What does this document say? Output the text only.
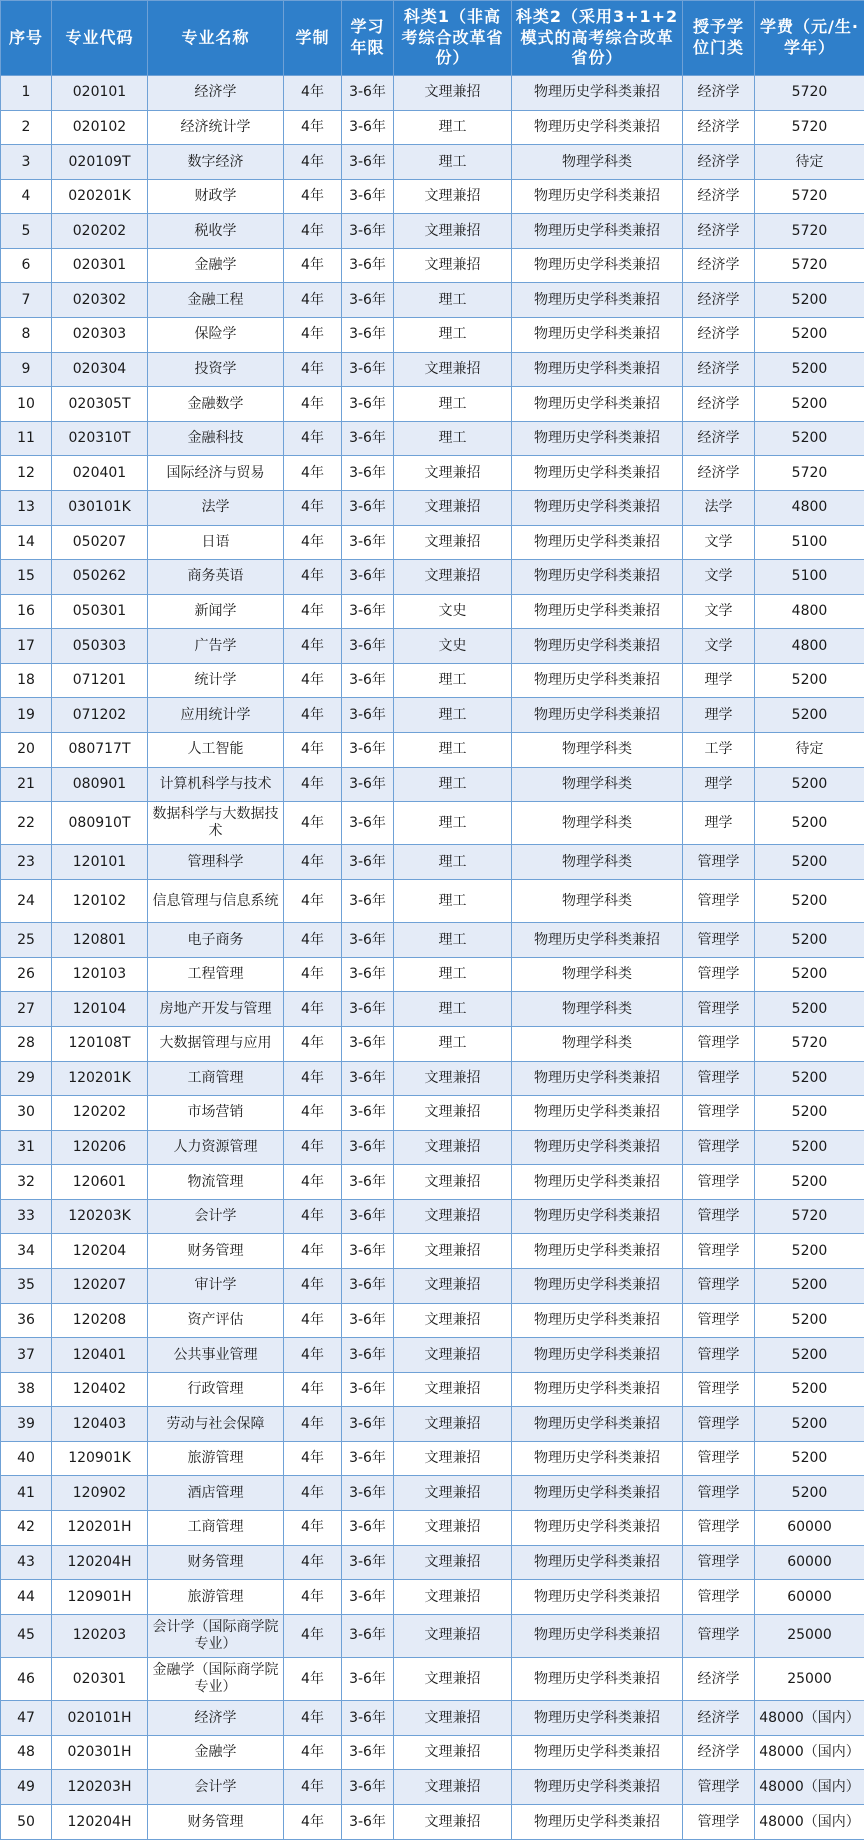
序号	专业代码	专业名称	学制	学习年限	科类1（非高考综合改革省份）	科类2（采用3+1+2模式的高考综合改革省份）	授予学位门类	学费（元/生·学年）
1	020101	经济学	4年	3-6年	文理兼招	物理历史学科类兼招	经济学	5720
2	020102	经济统计学	4年	3-6年	理工	物理历史学科类兼招	经济学	5720
3	020109T	数字经济	4年	3-6年	理工	物理学科类	经济学	待定
4	020201K	财政学	4年	3-6年	文理兼招	物理历史学科类兼招	经济学	5720
5	020202	税收学	4年	3-6年	文理兼招	物理历史学科类兼招	经济学	5720
6	020301	金融学	4年	3-6年	文理兼招	物理历史学科类兼招	经济学	5720
7	020302	金融工程	4年	3-6年	理工	物理历史学科类兼招	经济学	5200
8	020303	保险学	4年	3-6年	理工	物理历史学科类兼招	经济学	5200
9	020304	投资学	4年	3-6年	文理兼招	物理历史学科类兼招	经济学	5200
10	020305T	金融数学	4年	3-6年	理工	物理历史学科类兼招	经济学	5200
11	020310T	金融科技	4年	3-6年	理工	物理历史学科类兼招	经济学	5200
12	020401	国际经济与贸易	4年	3-6年	文理兼招	物理历史学科类兼招	经济学	5720
13	030101K	法学	4年	3-6年	文理兼招	物理历史学科类兼招	法学	4800
14	050207	日语	4年	3-6年	文理兼招	物理历史学科类兼招	文学	5100
15	050262	商务英语	4年	3-6年	文理兼招	物理历史学科类兼招	文学	5100
16	050301	新闻学	4年	3-6年	文史	物理历史学科类兼招	文学	4800
17	050303	广告学	4年	3-6年	文史	物理历史学科类兼招	文学	4800
18	071201	统计学	4年	3-6年	理工	物理历史学科类兼招	理学	5200
19	071202	应用统计学	4年	3-6年	理工	物理历史学科类兼招	理学	5200
20	080717T	人工智能	4年	3-6年	理工	物理学科类	工学	待定
21	080901	计算机科学与技术	4年	3-6年	理工	物理学科类	理学	5200
22	080910T	数据科学与大数据技术	4年	3-6年	理工	物理学科类	理学	5200
23	120101	管理科学	4年	3-6年	理工	物理学科类	管理学	5200
24	120102	信息管理与信息系统	4年	3-6年	理工	物理学科类	管理学	5200
25	120801	电子商务	4年	3-6年	理工	物理历史学科类兼招	管理学	5200
26	120103	工程管理	4年	3-6年	理工	物理学科类	管理学	5200
27	120104	房地产开发与管理	4年	3-6年	理工	物理学科类	管理学	5200
28	120108T	大数据管理与应用	4年	3-6年	理工	物理学科类	管理学	5720
29	120201K	工商管理	4年	3-6年	文理兼招	物理历史学科类兼招	管理学	5200
30	120202	市场营销	4年	3-6年	文理兼招	物理历史学科类兼招	管理学	5200
31	120206	人力资源管理	4年	3-6年	文理兼招	物理历史学科类兼招	管理学	5200
32	120601	物流管理	4年	3-6年	文理兼招	物理历史学科类兼招	管理学	5200
33	120203K	会计学	4年	3-6年	文理兼招	物理历史学科类兼招	管理学	5720
34	120204	财务管理	4年	3-6年	文理兼招	物理历史学科类兼招	管理学	5200
35	120207	审计学	4年	3-6年	文理兼招	物理历史学科类兼招	管理学	5200
36	120208	资产评估	4年	3-6年	文理兼招	物理历史学科类兼招	管理学	5200
37	120401	公共事业管理	4年	3-6年	文理兼招	物理历史学科类兼招	管理学	5200
38	120402	行政管理	4年	3-6年	文理兼招	物理历史学科类兼招	管理学	5200
39	120403	劳动与社会保障	4年	3-6年	文理兼招	物理历史学科类兼招	管理学	5200
40	120901K	旅游管理	4年	3-6年	文理兼招	物理历史学科类兼招	管理学	5200
41	120902	酒店管理	4年	3-6年	文理兼招	物理历史学科类兼招	管理学	5200
42	120201H	工商管理	4年	3-6年	文理兼招	物理历史学科类兼招	管理学	60000
43	120204H	财务管理	4年	3-6年	文理兼招	物理历史学科类兼招	管理学	60000
44	120901H	旅游管理	4年	3-6年	文理兼招	物理历史学科类兼招	管理学	60000
45	120203	会计学（国际商学院专业）	4年	3-6年	文理兼招	物理历史学科类兼招	管理学	25000
46	020301	金融学（国际商学院专业）	4年	3-6年	文理兼招	物理历史学科类兼招	经济学	25000
47	020101H	经济学	4年	3-6年	文理兼招	物理历史学科类兼招	经济学	48000（国内）
48	020301H	金融学	4年	3-6年	文理兼招	物理历史学科类兼招	经济学	48000（国内）
49	120203H	会计学	4年	3-6年	文理兼招	物理历史学科类兼招	管理学	48000（国内）
50	120204H	财务管理	4年	3-6年	文理兼招	物理历史学科类兼招	管理学	48000（国内）
